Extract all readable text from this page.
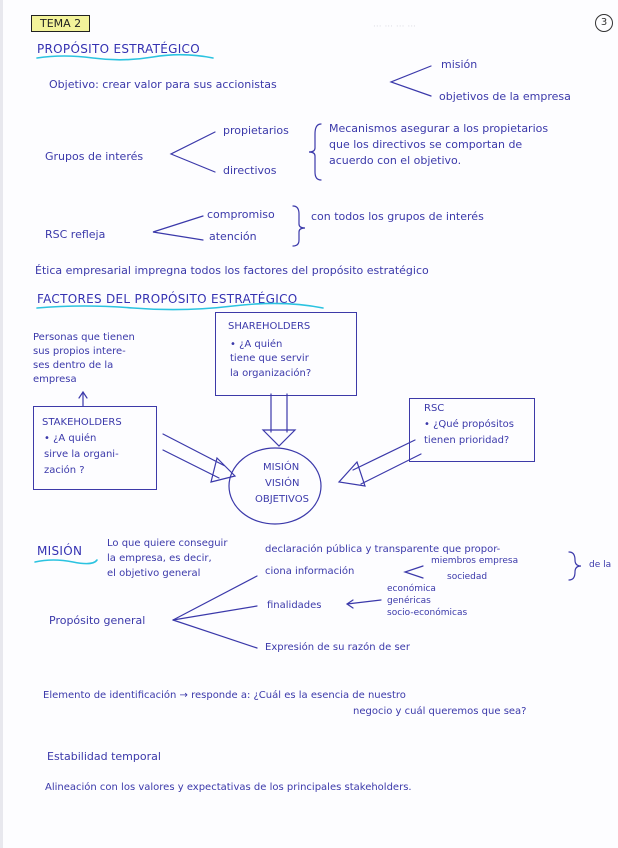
··· ··· ··· ···
TEMA 2	3
PROPÓSITO ESTRATÉGICO
Objetivo: crear valor para sus accionistas
misión
objetivos de la empresa
Grupos de interés
propietarios
directivos
Mecanismos asegurar a los propietarios
que los directivos se comportan de
acuerdo con el objetivo.
RSC refleja
compromiso
atención
con todos los grupos de interés
Ética empresarial impregna todos los factores del propósito estratégico
FACTORES DEL PROPÓSITO ESTRATÉGICO
Personas que tienen
sus propios intere-
ses dentro de la
empresa
SHAREHOLDERS
• ¿A quién
tiene que servir
la organización?
STAKEHOLDERS
• ¿A quién
sirve la organi-
zación ?
RSC
• ¿Qué propósitos
tienen prioridad?
MISIÓN
VISIÓN
OBJETIVOS
MISIÓN
Lo que quiere conseguir
la empresa, es decir,
el objetivo general
declaración pública y transparente que propor-
ciona información
miembros empresa
sociedad
de la
Propósito general
finalidades
económica
genéricas
socio-económicas
Expresión de su razón de ser
Elemento de identificación → responde a: ¿Cuál es la esencia de nuestro
negocio y cuál queremos que sea?
Estabilidad temporal
Alineación con los valores y expectativas de los principales stakeholders.
